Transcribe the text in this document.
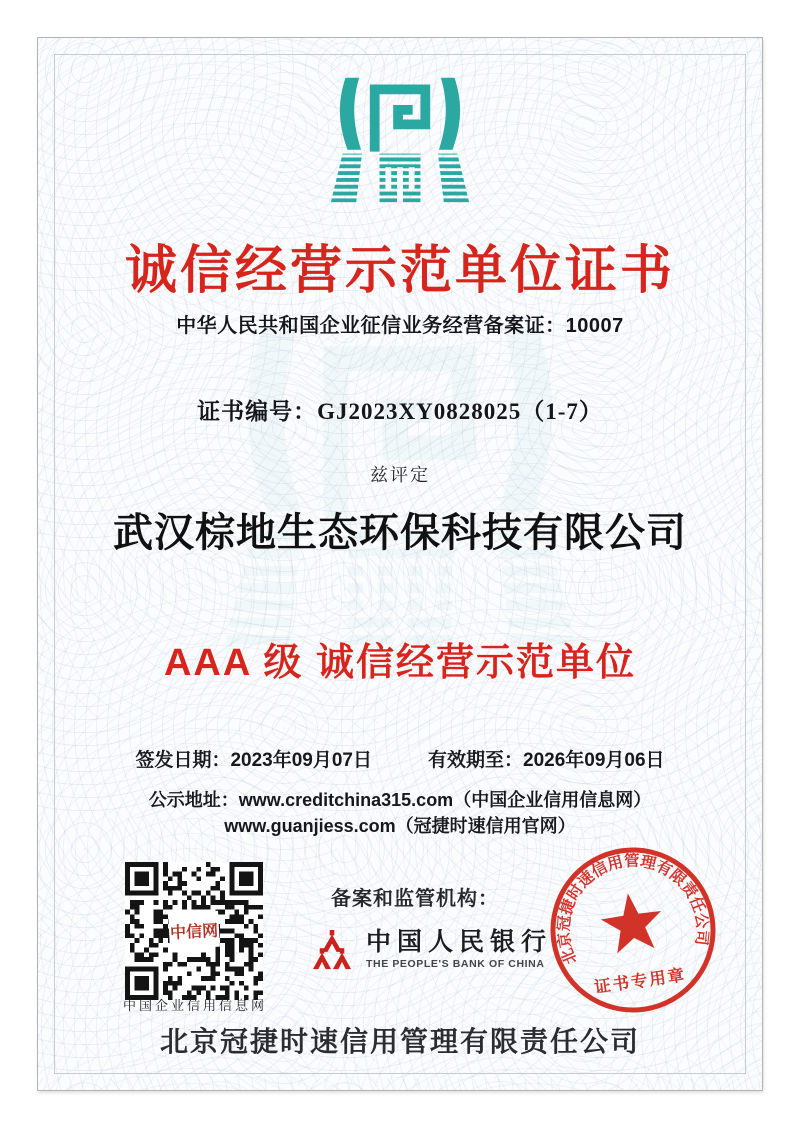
诚信经营示范单位证书
中华人民共和国企业征信业务经营备案证：10007
证书编号：GJ2023XY0828025（1-7）
兹评定
武汉棕地生态环保科技有限公司
AAA 级 诚信经营示范单位
签发日期：2023年09月07日	有效期至：2026年09月06日
公示地址：www.creditchina315.com（中国企业信用信息网）
www.guanjiess.com（冠捷时速信用官网）
中信网
中国企业信用信息网
备案和监管机构：
中国人民银行
THE PEOPLE'S BANK OF CHINA 北京冠捷时速信用管理有限责任公司
证书专用章
北京冠捷时速信用管理有限责任公司
